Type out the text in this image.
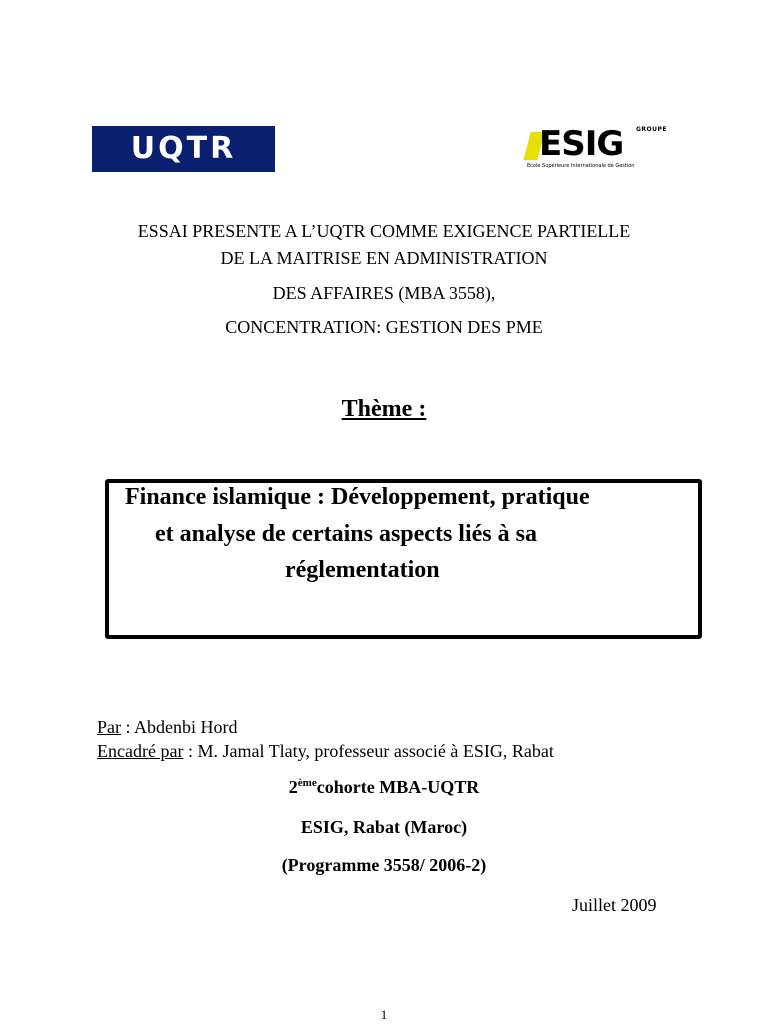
UQTR
GROUPE
ESIG
Ecole Supérieure Internationale de Gestion
ESSAI PRESENTE A L’UQTR COMME EXIGENCE PARTIELLE
DE LA MAITRISE EN ADMINISTRATION
DES AFFAIRES (MBA 3558),
CONCENTRATION: GESTION DES PME
Thème :
Finance islamique : Développement, pratique
et analyse de certains aspects liés à sa
réglementation
Par : Abdenbi Hord
Encadré par : M. Jamal Tlaty, professeur associé à ESIG, Rabat
2èmecohorte MBA-UQTR
ESIG, Rabat (Maroc)
(Programme 3558/ 2006-2)
Juillet 2009
1
